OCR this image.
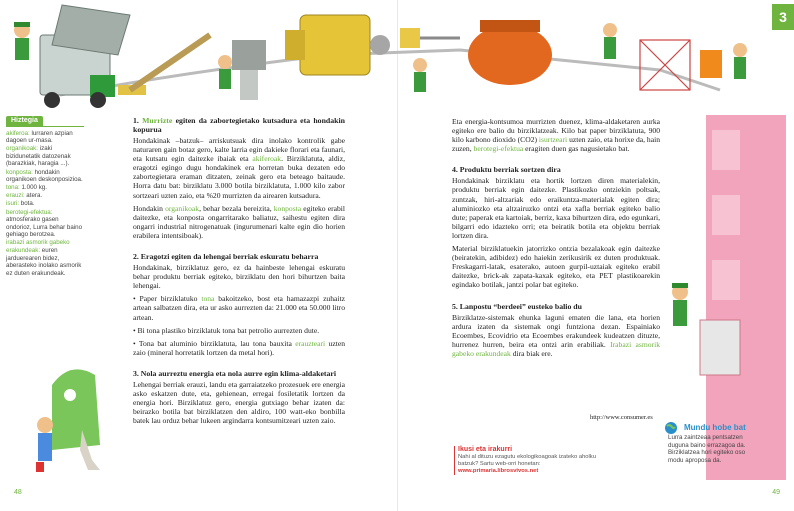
3
Hiztegia

akiferoa: lurraren azpian dagoen ur-masa.

organikoak: izaki bizidunetatik datozenak (barazkiak, haragia ...).

konposta: hondakin organikoen deskonposizioa.

tona: 1.000 kg.

erauzi: atera.

isuri: bota.

berotegi-efektua: atmosferako gasen ondorioz, Lurra behar baino gehiago berotzea.

irabazi asmorik gabeko erakundeak: euren jarduerearen bidez, aberasteko inolako asmorik ez duten erakundeak.

1. Murrizte egiten da zabortegietako kutsadura eta hondakin kopurua

Hondakinak –batzuk– arriskutsuak dira inolako kontrolik gabe naturaren gain botaz gero, kalte larria egin dakieke florari eta faunari, eta kutsatu egin daitezke ibaiak eta akiferoak. Birziklatuta, aldiz, eragotzi egingo dugu hondakinek era horretan buka dezaten edo zabortegietara eraman ditzaten, zeinak gero eta beteago baitaude. Horra datu bat: birziklatu 3.000 botila birziklatuta, 1.000 kilo zabor sortzeari uzten zaio, eta %20 murrizten da airearen kutsadura.

Hondakin organikoak, behar bezala bereizita, konposta egiteko erabil daitezke, eta konposta ongarritarako baliatuz, saihestu egiten dira ongarri industrial nitrogenatuak (ingurumenari kalte egin dio horien erabilera intentsiboak).

2. Eragotzi egiten da lehengai berriak eskuratu beharra

Hondakinak, birziklatuz gero, ez da hainbeste lehengai eskuratu behar produktu berriak egiteko, birziklatu den hori bihurtzen baita lehengai.

• Paper birziklatuko tona bakoitzeko, bost eta hamazazpi zuhaitz artean salbatzen dira, eta ur asko aurrezten da: 21.000 eta 50.000 litro artean.

• Bi tona plastiko birziklatuk tona bat petrolio aurrezten dute.

• Tona bat aluminio birziklatuta, lau tona bauxita erauzteari uzten zaio (mineral horretatik lortzen da metal hori).

3. Nola aurreztu energia eta nola aurre egin klima-aldaketari

Lehengai berriak erauzi, landu eta garraiatzeko prozesuek ere energia asko eskatzen dute, eta, gehienean, erregai fosiletatik lortzen da energia hori. Birziklatuz gero, energia gutxiago behar izaten da: beirazko botila bat birziklatzen den aldiro, 100 watt-eko bonbilla batek lau orduz behar lukeen argindarra kontsumitzeari uzten zaio.

Eta energia-kontsumoa murrizten duenez, klima-aldaketaren aurka egiteko ere balio du birziklatzeak. Kilo bat paper birziklatuta, 900 kilo karbono dioxido (CO2) isurtzeari uzten zaio, eta horixe da, hain zuzen, berotegi-efektua eragiten duen gas nagusietako bat.

4. Produktu berriak sortzen dira

Hondakinak birziklatu eta hortik lortzen diren materialekin, produktu berriak egin daitezke. Plastikozko ontziekin poltsak, zuntzak, hiri-altzariak edo eraikuntza-materialak egiten dira; aluminiozko eta altzairuzko ontzi eta xafla berriak egiteko balio dute; paperak eta kartoiak, berriz, kaxa bihurtzen dira, edo egunkari, bilgarri edo idazteko orri; eta beiratik botila eta objektu berriak lortzen dira.

Material birziklatuekin jatorrizko ontzia bezalakoak egin daitezke (beiratekin, adibidez) edo haiekin zerikusirik ez duten produktuak. Freskagarri-latak, esaterako, autoen gurpil-uztaiak egiteko erabil daitezke, brick-ak zapata-kaxak egiteko, eta PET plastikoarekin egindako botilak, jantzi polar bat egiteko.

5. Lanpostu “berdeei” eusteko balio du

Birziklatze-sistemak ehunka laguni ematen die lana, eta horien ardura izaten da sistemak ongi funtziona dezan. Espainiako Ecoembes, Ecovidrio eta Ecoembes erakundeek kudeatzen dituzte, hurrenez hurren, beira eta ontzi arin erabiliak. Irabazi asmorik gabeko erakundeak dira biak ere.

http://www.consumer.es
Ikusi eta irakurri
Nahi al dituzu ezagutu ekologikoagoak izateko aholku batzuk? Sartu web-orri honetan:
www.primaria.librosvivos.net
Mundu hobe bat
Lurra zaintzeaa pentsatzen duguna baino errazagoa da. Birziklatzea hori egiteko oso modu aproposa da.
48	49
